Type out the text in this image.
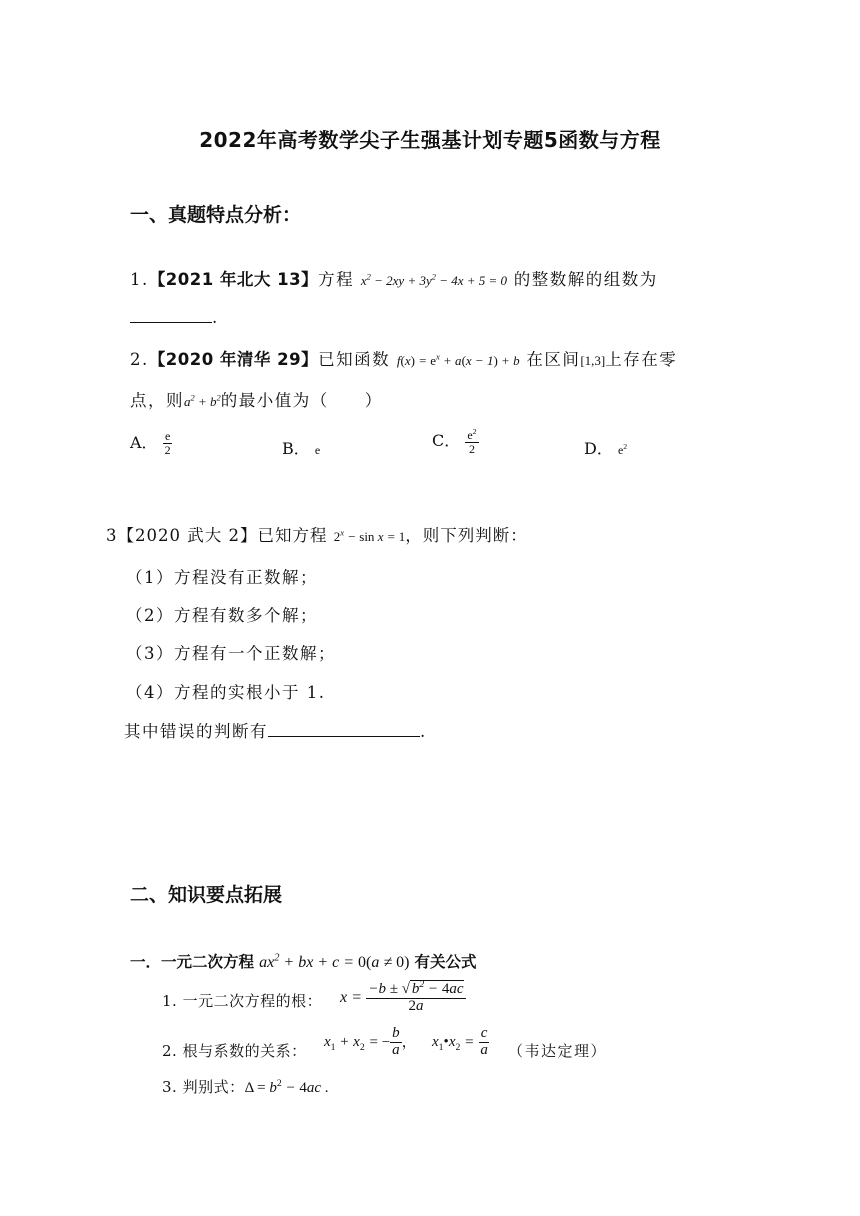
2022年高考数学尖子生强基计划专题5函数与方程
一、真题特点分析：
1.【2021 年北大 13】方程 $x^2 - 2xy + 3y^2 - 4x + 5 = 0$ 的整数解的组数为
.
2.【2020 年清华 29】已知函数 $f(x) = e^x + a(x - 1) + b$ 在区间[1,3]上存在零
点，则$a^2 + b^2$的最小值为（　　）
A． $\frac{e}{2}$	B． e	C． $\frac{e^2}{2}$	D． $e^2$
3【2020 武大 2】已知方程 $2^x - \sin x = 1$，则下列判断：
（1）方程没有正数解；
（2）方程有数多个解；
（3）方程有一个正数解；
（4）方程的实根小于 1.
其中错误的判断有	.
二、知识要点拓展
一．一元二次方程 $ax^2$ + bx + c = 0(a ≠ 0) 有关公式
1. 一元二次方程的根： $x = \frac{-b \pm √ b^2 - 4ac}{2a}$
2. 根与系数的关系： $x_1 + x_2$ = − $\frac{b}{a}$ ， $x_1•x_2 = \frac{c}{a}$ （韦达定理）
3. 判别式：$\Delta = b^2 - 4ac$ .
